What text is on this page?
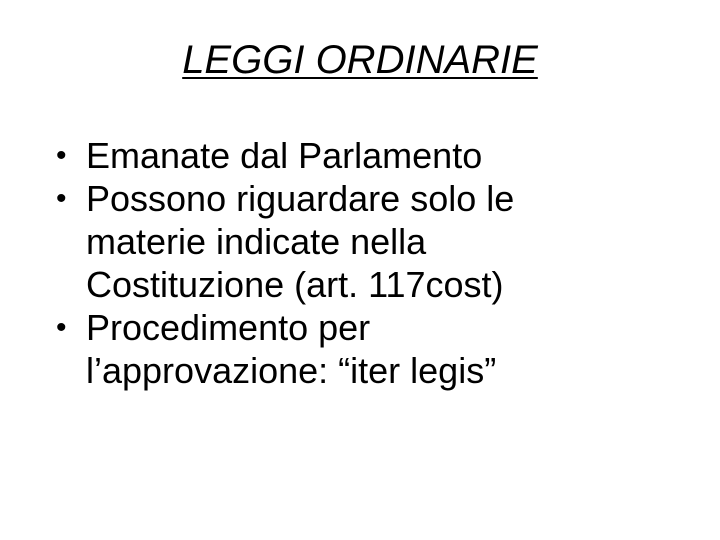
LEGGI ORDINARIE
• Emanate dal Parlamento
• Possono riguardare solo le
materie indicate nella
Costituzione (art. 117cost)
• Procedimento per
l’approvazione: “iter legis”
